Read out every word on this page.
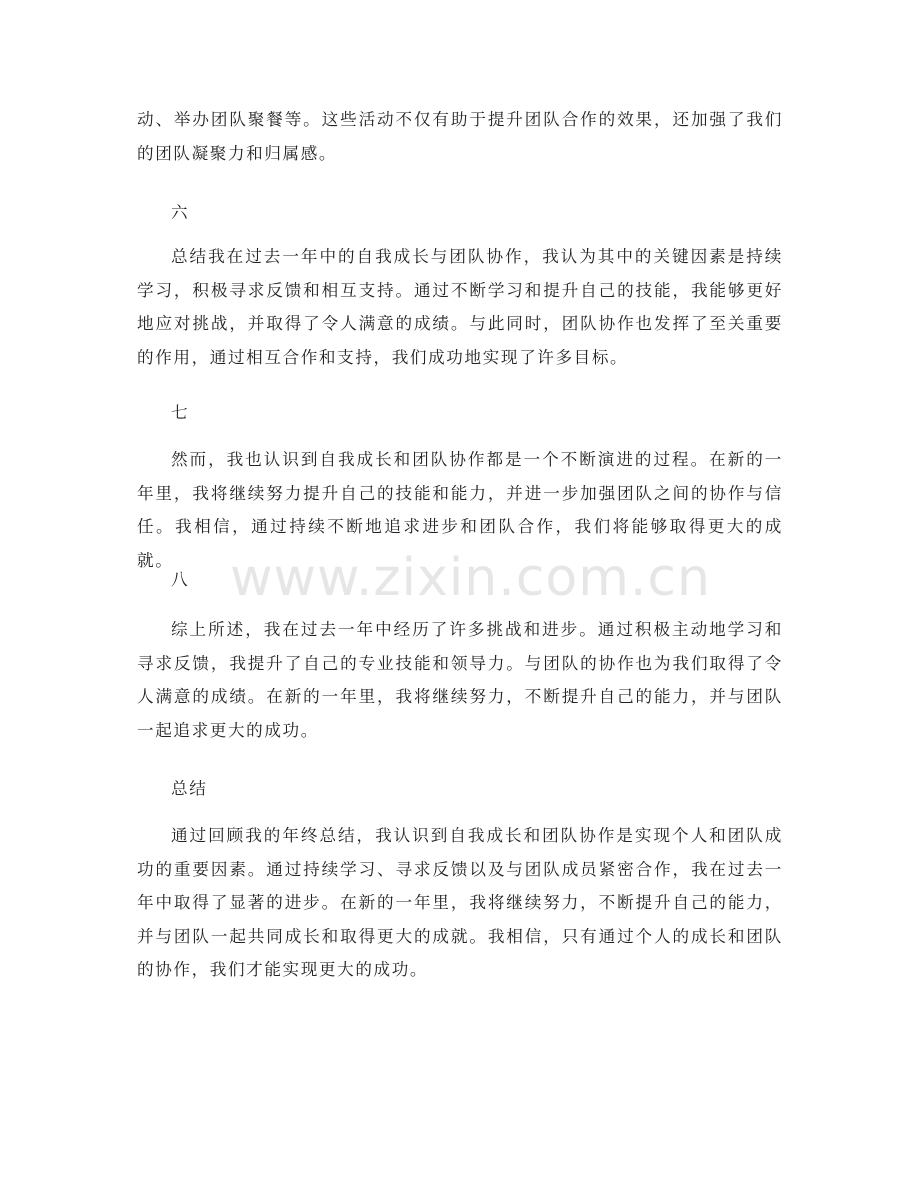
www.zixin.com.cn

动、举办团队聚餐等。这些活动不仅有助于提升团队合作的效果，还加强了我们的团队凝聚力和归属感。

六

总结我在过去一年中的自我成长与团队协作，我认为其中的关键因素是持续学习，积极寻求反馈和相互支持。通过不断学习和提升自己的技能，我能够更好地应对挑战，并取得了令人满意的成绩。与此同时，团队协作也发挥了至关重要的作用，通过相互合作和支持，我们成功地实现了许多目标。

七

然而，我也认识到自我成长和团队协作都是一个不断演进的过程。在新的一年里，我将继续努力提升自己的技能和能力，并进一步加强团队之间的协作与信任。我相信，通过持续不断地追求进步和团队合作，我们将能够取得更大的成就。

八

综上所述，我在过去一年中经历了许多挑战和进步。通过积极主动地学习和寻求反馈，我提升了自己的专业技能和领导力。与团队的协作也为我们取得了令人满意的成绩。在新的一年里，我将继续努力，不断提升自己的能力，并与团队一起追求更大的成功。

总结

通过回顾我的年终总结，我认识到自我成长和团队协作是实现个人和团队成功的重要因素。通过持续学习、寻求反馈以及与团队成员紧密合作，我在过去一年中取得了显著的进步。在新的一年里，我将继续努力，不断提升自己的能力，并与团队一起共同成长和取得更大的成就。我相信，只有通过个人的成长和团队的协作，我们才能实现更大的成功。
